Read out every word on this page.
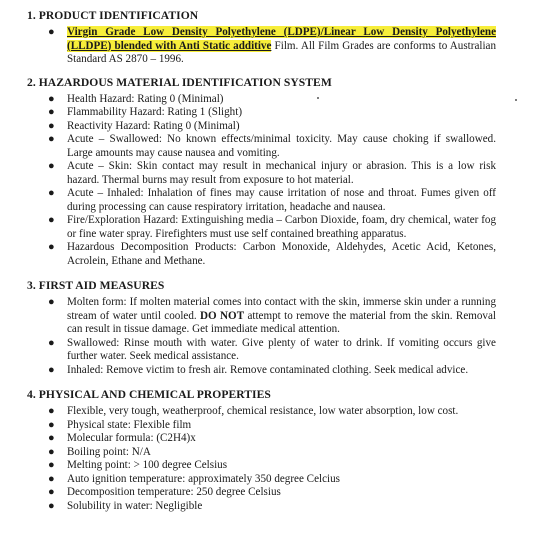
1. PRODUCT IDENTIFICATION
● Virgin Grade Low Density Polyethylene (LDPE)/Linear Low Density Polyethylene (LLDPE) blended with Anti Static additive Film. All Film Grades are conforms to Australian Standard AS 2870 – 1996.
2. HAZARDOUS MATERIAL IDENTIFICATION SYSTEM
● Health Hazard: Rating 0 (Minimal)
● Flammability Hazard: Rating 1 (Slight)
● Reactivity Hazard: Rating 0 (Minimal)
● Acute – Swallowed: No known effects/minimal toxicity. May cause choking if swallowed. Large amounts may cause nausea and vomiting.
● Acute – Skin: Skin contact may result in mechanical injury or abrasion. This is a low risk hazard. Thermal burns may result from exposure to hot material.
● Acute – Inhaled: Inhalation of fines may cause irritation of nose and throat. Fumes given off during processing can cause respiratory irritation, headache and nausea.
● Fire/Exploration Hazard: Extinguishing media – Carbon Dioxide, foam, dry chemical, water fog or fine water spray. Firefighters must use self contained breathing apparatus.
● Hazardous Decomposition Products: Carbon Monoxide, Aldehydes, Acetic Acid, Ketones, Acrolein, Ethane and Methane.
3. FIRST AID MEASURES
● Molten form: If molten material comes into contact with the skin, immerse skin under a running stream of water until cooled. DO NOT attempt to remove the material from the skin. Removal can result in tissue damage. Get immediate medical attention.
● Swallowed: Rinse mouth with water. Give plenty of water to drink. If vomiting occurs give further water. Seek medical assistance.
● Inhaled: Remove victim to fresh air. Remove contaminated clothing. Seek medical advice.
4. PHYSICAL AND CHEMICAL PROPERTIES
● Flexible, very tough, weatherproof, chemical resistance, low water absorption, low cost.
● Physical state: Flexible film
● Molecular formula: (C2H4)x
● Boiling point: N/A
● Melting point: > 100 degree Celsius
● Auto ignition temperature: approximately 350 degree Celcius
● Decomposition temperature: 250 degree Celsius
● Solubility in water: Negligible
